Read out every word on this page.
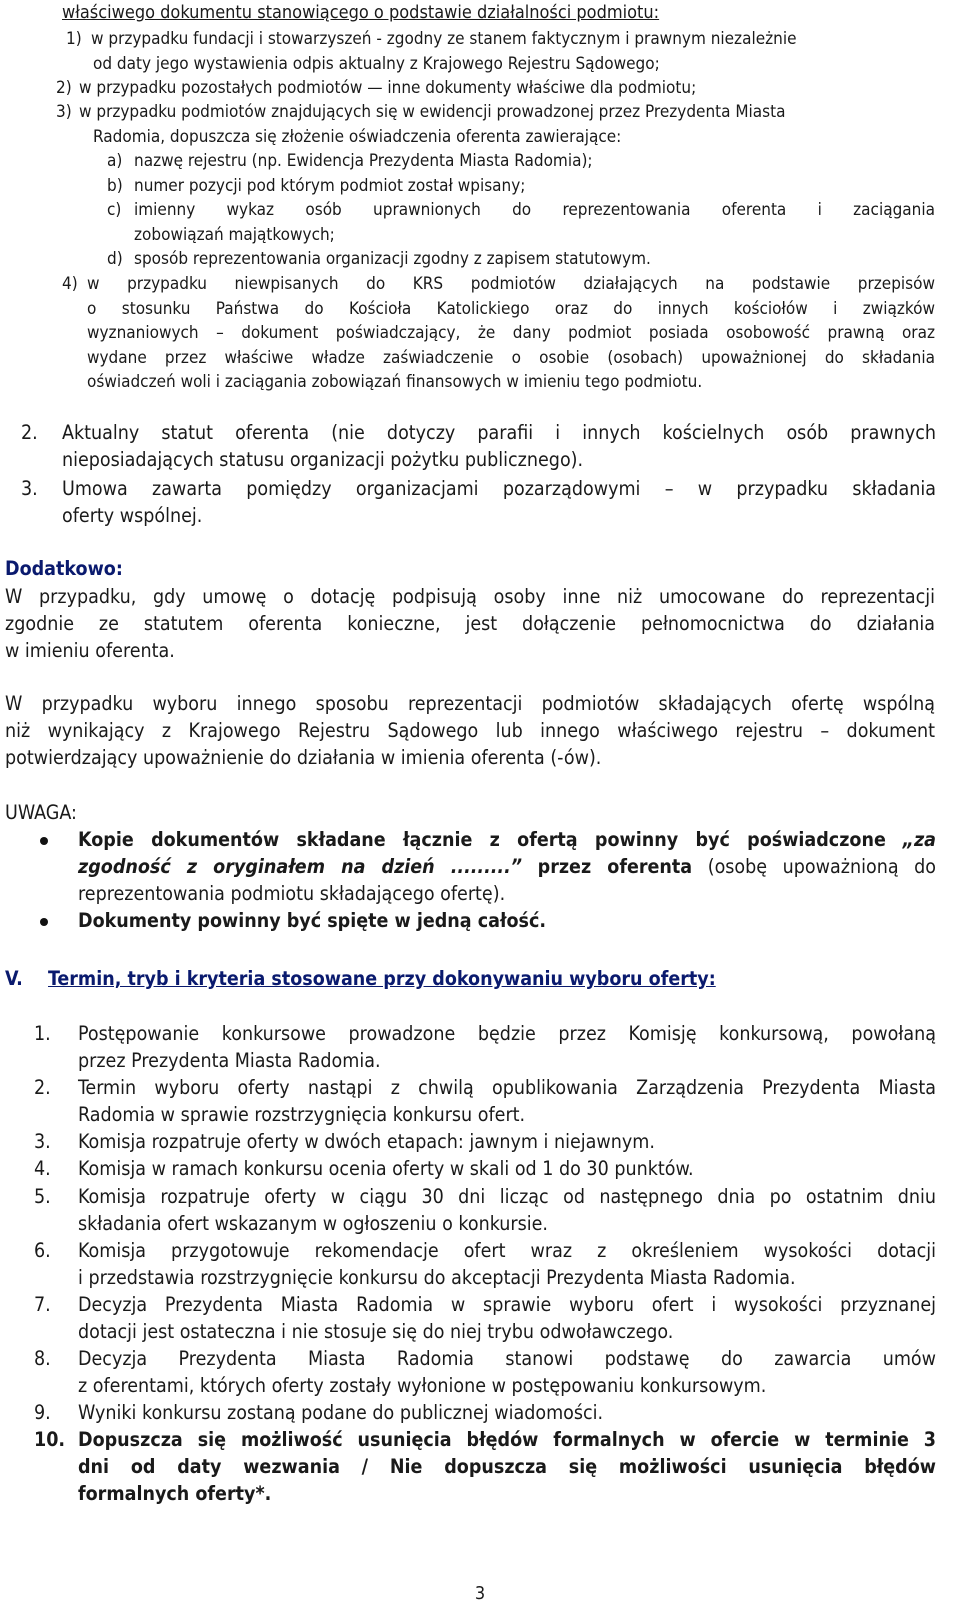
właściwego dokumentu stanowiącego o podstawie działalności podmiotu:

1) w przypadku fundacji i stowarzyszeń - zgodny ze stanem faktycznym i prawnym niezależnie
od daty jego wystawienia odpis aktualny z Krajowego Rejestru Sądowego;
2) w przypadku pozostałych podmiotów — inne dokumenty właściwe dla podmiotu;
3) w przypadku podmiotów znajdujących się w ewidencji prowadzonej przez Prezydenta Miasta
Radomia, dopuszcza się złożenie oświadczenia oferenta zawierające:
a) nazwę rejestru (np. Ewidencja Prezydenta Miasta Radomia);
b) numer pozycji pod którym podmiot został wpisany;
c) imienny wykaz osób uprawnionych do reprezentowania oferenta i zaciągania
zobowiązań majątkowych;
d) sposób reprezentowania organizacji zgodny z zapisem statutowym.
4) w przypadku niewpisanych do KRS podmiotów działających na podstawie przepisów
o stosunku Państwa do Kościoła Katolickiego oraz do innych kościołów i związków
wyznaniowych – dokument poświadczający, że dany podmiot posiada osobowość prawną oraz
wydane przez właściwe władze zaświadczenie o osobie (osobach) upoważnionej do składania
oświadczeń woli i zaciągania zobowiązań finansowych w imieniu tego podmiotu.
2.	Aktualny statut oferenta (nie dotyczy parafii i innych kościelnych osób prawnych
nieposiadających statusu organizacji pożytku publicznego).
3.	Umowa zawarta pomiędzy organizacjami pozarządowymi – w przypadku składania
oferty wspólnej.

Dodatkowo:

W przypadku, gdy umowę o dotację podpisują osoby inne niż umocowane do reprezentacji
zgodnie ze statutem oferenta konieczne, jest dołączenie pełnomocnictwa do działania
w imieniu oferenta.
W przypadku wyboru innego sposobu reprezentacji podmiotów składających ofertę wspólną
niż wynikający z Krajowego Rejestru Sądowego lub innego właściwego rejestru – dokument
potwierdzający upoważnienie do działania w imienia oferenta (-ów).

UWAGA:

Kopie dokumentów składane łącznie z ofertą powinny być poświadczone „za
zgodność z oryginałem na dzień .........” przez oferenta (osobę upoważnioną do
reprezentowania podmiotu składającego ofertę).

Dokumenty powinny być spięte w jedną całość.

V. Termin, tryb i kryteria stosowane przy dokonywaniu wyboru oferty:

1.	Postępowanie konkursowe prowadzone będzie przez Komisję konkursową, powołaną
przez Prezydenta Miasta Radomia.
2.	Termin wyboru oferty nastąpi z chwilą opublikowania Zarządzenia Prezydenta Miasta
Radomia w sprawie rozstrzygnięcia konkursu ofert.
3.	Komisja rozpatruje oferty w dwóch etapach: jawnym i niejawnym.
4.	Komisja w ramach konkursu ocenia oferty w skali od 1 do 30 punktów.
5.	Komisja rozpatruje oferty w ciągu 30 dni licząc od następnego dnia po ostatnim dniu
składania ofert wskazanym w ogłoszeniu o konkursie.
6.	Komisja przygotowuje rekomendacje ofert wraz z określeniem wysokości dotacji
i przedstawia rozstrzygnięcie konkursu do akceptacji Prezydenta Miasta Radomia.
7.	Decyzja Prezydenta Miasta Radomia w sprawie wyboru ofert i wysokości przyznanej
dotacji jest ostateczna i nie stosuje się do niej trybu odwoławczego.
8.	Decyzja Prezydenta Miasta Radomia stanowi podstawę do zawarcia umów
z oferentami, których oferty zostały wyłonione w postępowaniu konkursowym.
9.	Wyniki konkursu zostaną podane do publicznej wiadomości.
10. Dopuszcza się możliwość usunięcia błędów formalnych w ofercie w terminie 3
dni od daty wezwania / Nie dopuszcza się możliwości usunięcia błędów
formalnych oferty*.
3
